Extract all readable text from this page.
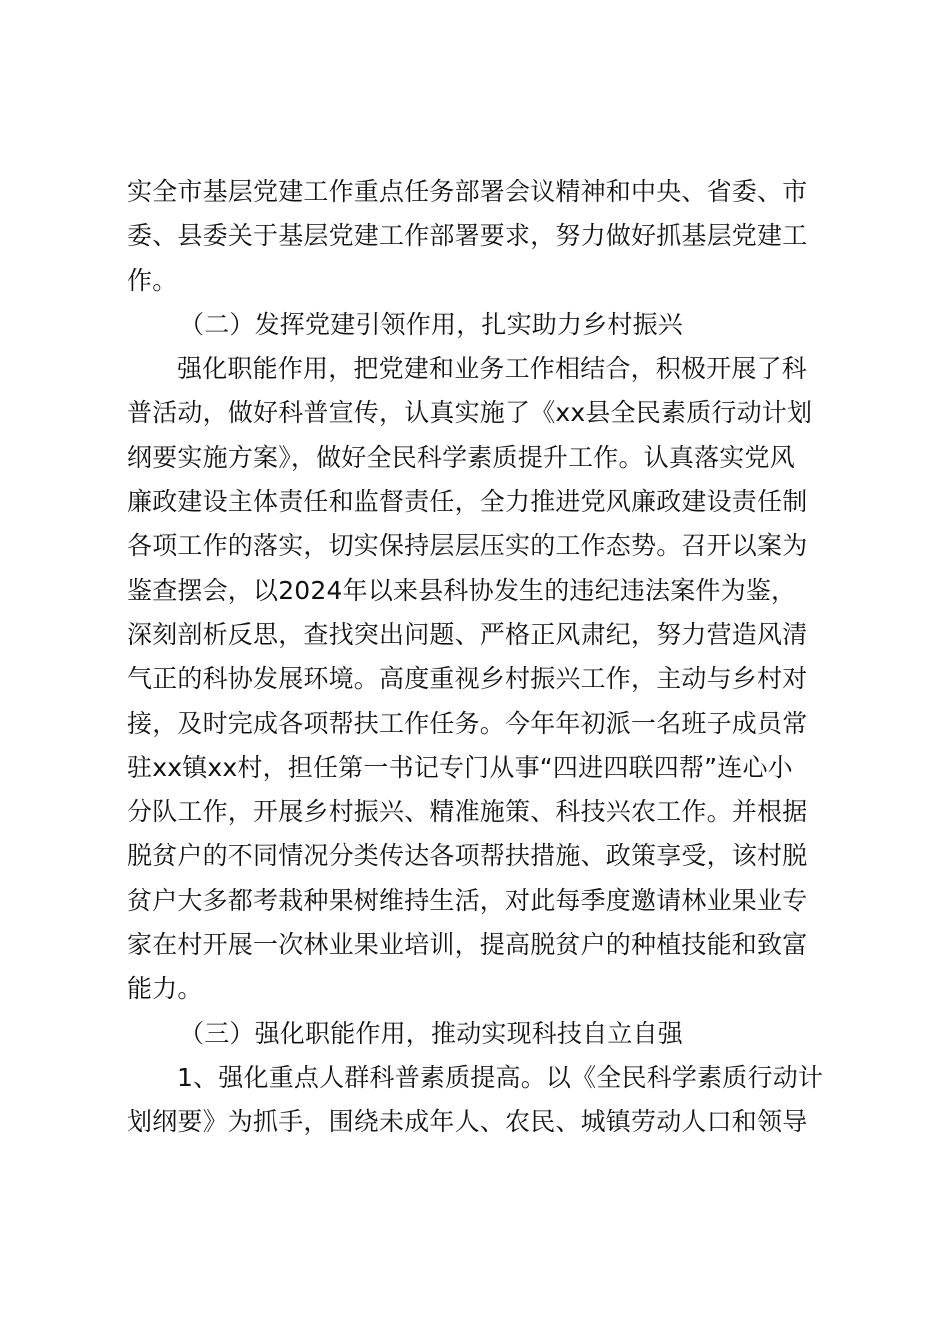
实全市基层党建工作重点任务部署会议精神和中央、省委、市
委、县委关于基层党建工作部署要求，努力做好抓基层党建工
作。
（二）发挥党建引领作用，扎实助力乡村振兴
强化职能作用，把党建和业务工作相结合，积极开展了科
普活动，做好科普宣传，认真实施了《xx县全民素质行动计划
纲要实施方案》，做好全民科学素质提升工作。认真落实党风
廉政建设主体责任和监督责任，全力推进党风廉政建设责任制
各项工作的落实，切实保持层层压实的工作态势。召开以案为
鉴查摆会，以2024年以来县科协发生的违纪违法案件为鉴，
深刻剖析反思，查找突出问题、严格正风肃纪，努力营造风清
气正的科协发展环境。高度重视乡村振兴工作，主动与乡村对
接，及时完成各项帮扶工作任务。今年年初派一名班子成员常
驻xx镇xx村，担任第一书记专门从事“四进四联四帮”连心小
分队工作，开展乡村振兴、精准施策、科技兴农工作。并根据
脱贫户的不同情况分类传达各项帮扶措施、政策享受，该村脱
贫户大多都考栽种果树维持生活，对此每季度邀请林业果业专
家在村开展一次林业果业培训，提高脱贫户的种植技能和致富
能力。
（三）强化职能作用，推动实现科技自立自强
1、强化重点人群科普素质提高。以《全民科学素质行动计
划纲要》为抓手，围绕未成年人、农民、城镇劳动人口和领导
